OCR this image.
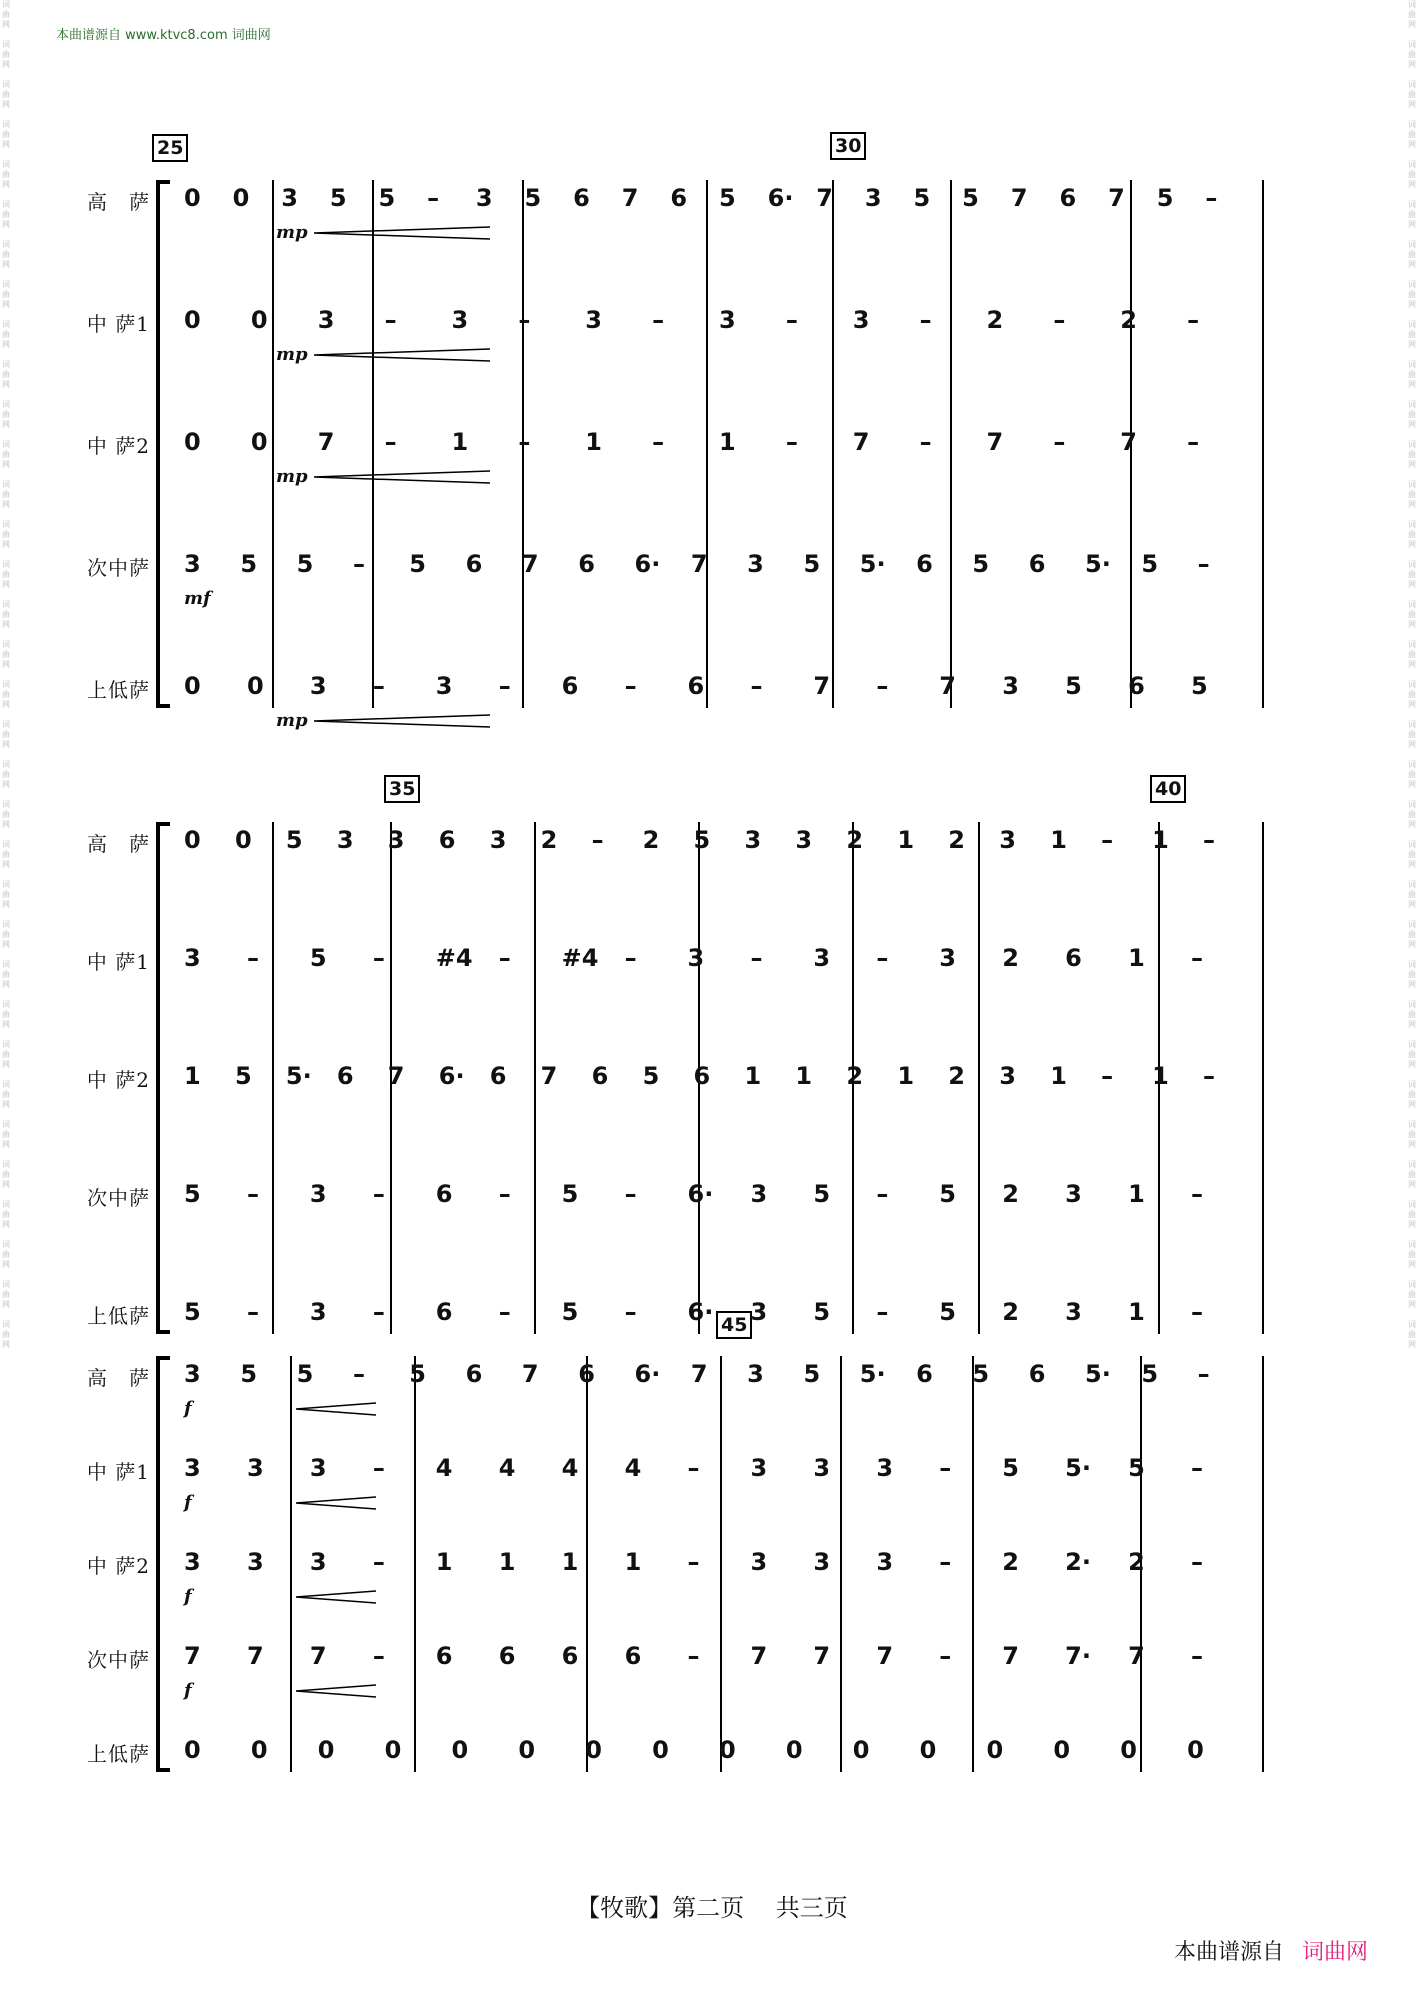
本曲谱源自 www.ktvc8.com 词曲网
词
曲
网

词
曲
网

词
曲
网

词
曲
网

词
曲
网

词
曲
网

词
曲
网

词
曲
网

词
曲
网

词
曲
网

词
曲
网

词
曲
网

词
曲
网

词
曲
网

词
曲
网

词
曲
网

词
曲
网

词
曲
网

词
曲
网

词
曲
网

词
曲
网

词
曲
网

词
曲
网

词
曲
网

词
曲
网

词
曲
网

词
曲
网

词
曲
网

词
曲
网

词
曲
网

词
曲
网

词
曲
网

词
曲
网

词
曲
网

词
曲
网

词
曲
网

词
曲
网

词
曲
网

词
曲
网

词
曲
网

词
曲
网

词
曲
网

词
曲
网

词
曲
网

词
曲
网

词
曲
网

词
曲
网

词
曲
网

词
曲
网

词
曲
网

词
曲
网

词
曲
网

词
曲
网

词
曲
网

词
曲
网

词
曲
网

词
曲
网

词
曲
网

词
曲
网

词
曲
网

词
曲
网

词
曲
网

词
曲
网

词
曲
网

词
曲
网

词
曲
网

词
曲
网

词
曲
网

25	30
35	40
45
高　萨 0 0 3 5 5 – 3 5 6 7 6 5 6· 7 3 5 5 7 6 7 5 –
mp
中 萨1 0 0 3 – 3 – 3 – 3 – 3 – 2 – 2 –
mp
中 萨2 0 0 7 – 1 – 1 – 1 – 7 – 7 – 7 –
mp
次中萨 3 5 5 – 5 6 7 6 6· 7 3 5 5· 6 5 6 5· 5 –
mf
上低萨 0 0 3 – 3 – 6 – 6 – 7 – 7 3 5 6 5
mp
高　萨 0 0 5 3 3 6 3 2 – 2 5 3 3 2 1 2 3 1 – 1 –
中 萨1 3 – 5 – #4 – #4 – 3 – 3 – 3 2 6 1 –
中 萨2 1 5 5· 6 7 6· 6 7 6 5 6 1 1 2 1 2 3 1 – 1 –
次中萨 5 – 3 – 6 – 5 – 6· 3 5 – 5 2 3 1 –
上低萨 5 – 3 – 6 – 5 – 6· 3 5 – 5 2 3 1 –
高　萨 3 5 5 – 5 6 7 6 6· 7 3 5 5· 6 5 6 5· 5 –
f
中 萨1 3 3 3 – 4 4 4 4 – 3 3 3 – 5 5· 5 –
f
中 萨2 3 3 3 – 1 1 1 1 – 3 3 3 – 2 2· 2 –
f
次中萨 7 7 7 – 6 6 6 6 – 7 7 7 – 7 7· 7 –
f
上低萨 0 0 0 0 0 0 0 0 0 0 0 0 0 0 0 0
【牧歌】第二页　 共三页
本曲谱源自 词曲网
